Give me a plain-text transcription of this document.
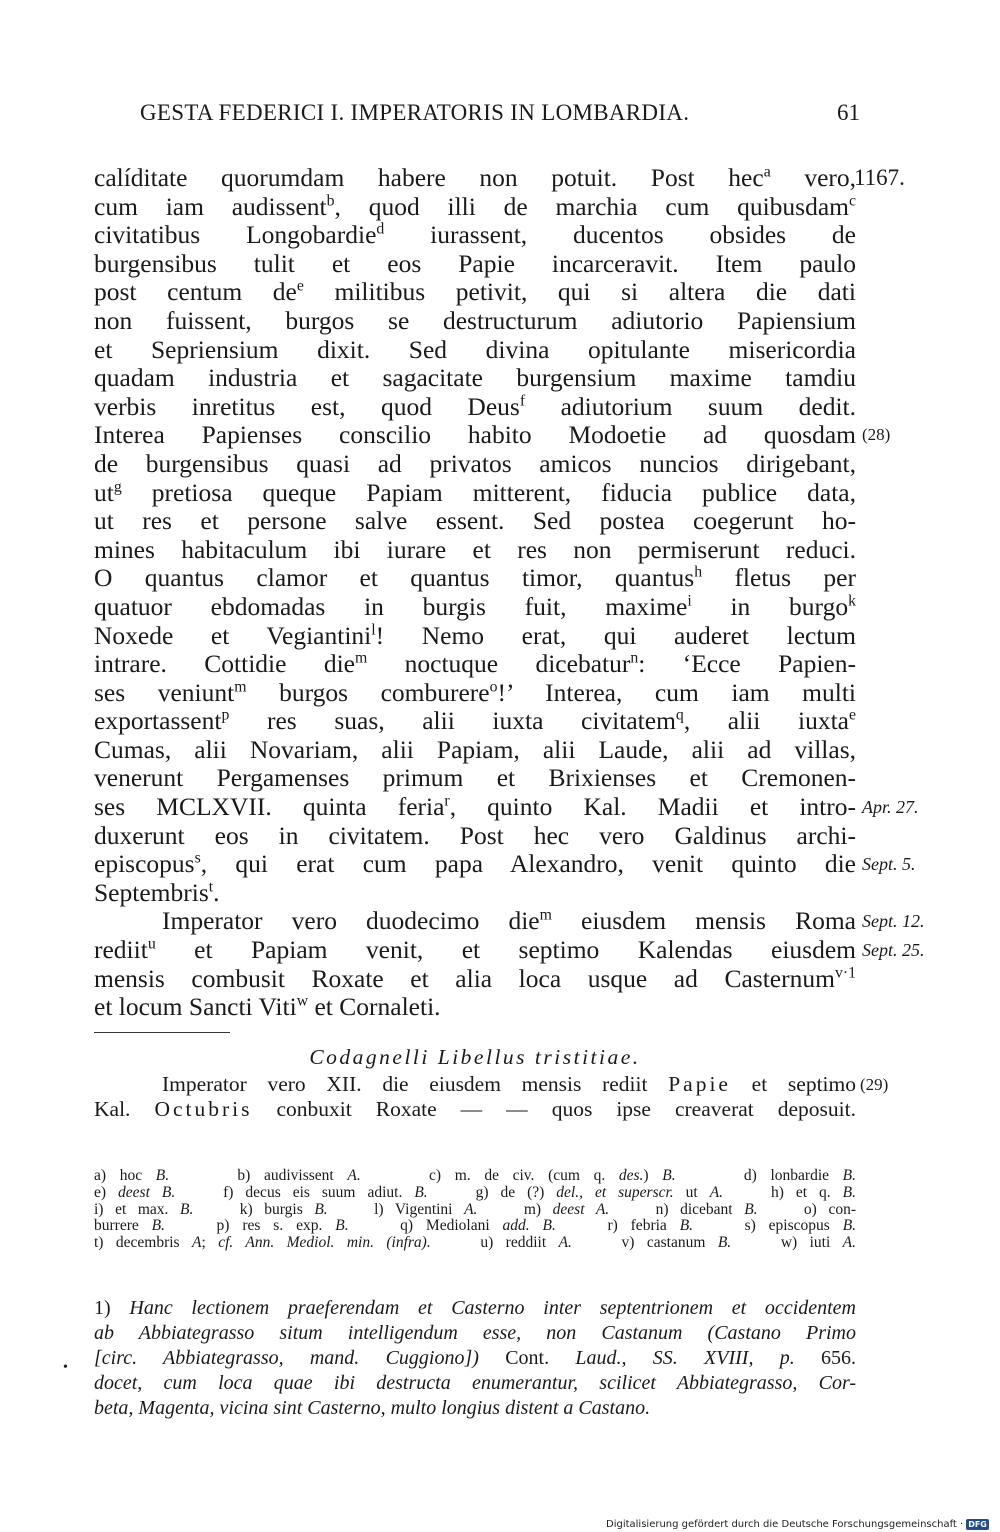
GESTA FEDERICI I. IMPERATORIS IN LOMBARDIA.	61
calíditate quorumdam habere non potuit. Post hec$^a$ vero,
1167.
cum iam audissent$^b$, quod illi de marchia cum quibusdam$^c$
civitatibus Longobardie$^d$ iurassent, ducentos obsides de
burgensibus tulit et eos Papie incarceravit. Item paulo
post centum $de^e$ militibus petivit, qui si altera die dati
non fuissent, burgos se destructurum adiutorio Papiensium
et Sepriensium dixit. Sed divina opitulante misericordia
quadam industria et sagacitate burgensium maxime tamdiu
verbis inretitus est, quod Deus$^f$ adiutorium suum dedit.
Interea Papienses conscilio habito Modoetie ad quosdam (28)
de burgensibus quasi ad privatos amicos nuncios dirigebant,
$ut^g$ pretiosa queque Papiam mitterent, fiducia publice data,
ut res et persone salve essent. Sed postea coegerunt ho-
mines habitaculum ibi iurare et res non permiserunt reduci.
O quantus clamor et quantus timor, quantus$^h$ fletus per
quatuor ebdomadas in burgis fuit, maxime$^i$ in burgo$^k$
Noxede et Vegiantini$^l$! Nemo erat, qui auderet lectum
intrare. Cottidie die$^m$ noctuque dicebatur$^n$: ‘Ecce Papien-
ses veniunt$^m$ burgos comburere$^o$!’ Interea, cum iam multi
exportassent$^p$ res suas, alii iuxta civitatem$^q$, alii iuxta$^e$
Cumas, alii Novariam, alii Papiam, alii Laude, alii ad villas,
venerunt Pergamenses primum et Brixienses et Cremonen-
ses MCLXVII. quinta feria$^r$, quinto Kal. Madii et intro- Apr. 27.
duxerunt eos in civitatem. Post hec vero Galdinus archi-
episcopus$^s$, qui erat cum papa Alexandro, venit quinto die Sept. 5.
Septembris$^t$.
Imperator vero duodecimo die$^m$ eiusdem mensis Roma Sept. 12.
rediit$^u$ et Papiam venit, et septimo Kalendas eiusdem Sept. 25.
mensis combusit Roxate et alia loca usque ad Casternum$^{v\cdot 1}$
et locum Sancti Viti$^w$ et Cornaleti.
Codagnelli Libellus tristitiae.
Imperator vero XII. die eiusdem mensis rediit Papie et septimo (29)
Kal. Octubris conbuxit Roxate — — quos ipse creaverat deposuit.
a) hoc B.     b) audivissent A.     c) m. de civ. (cum q. des.) B.     d) lonbardie B.
e) deest B.    f) decus eis suum adiut. B.    g) de (?) del., et superscr. ut A.    h) et q. B.
i) et max. B.    k) burgis B.    l) Vigentini A.    m) deest A.    n) dicebant B.    o) con-
burrere B.    p) res s. exp. B.    q) Mediolani add. B.    r) febria B.    s) episcopus B.
t) decembris A; cf. Ann. Mediol. min. (infra).    u) reddiit A.    v) castanum B.    w) iuti A.
•
1) Hanc lectionem praeferendam et Casterno inter septentrionem et occidentem
ab Abbiategrasso situm intelligendum esse, non Castanum (Castano Primo
[circ. Abbiategrasso, mand. Cuggiono]) Cont. Laud., SS. XVIII, p. 656.
docet, cum loca quae ibi destructa enumerantur, scilicet Abbiategrasso, Cor-
beta, Magenta, vicina sint Casterno, multo longius distent a Castano.
Digitalisierung gefördert durch die Deutsche Forschungsgemeinschaft · DFG
